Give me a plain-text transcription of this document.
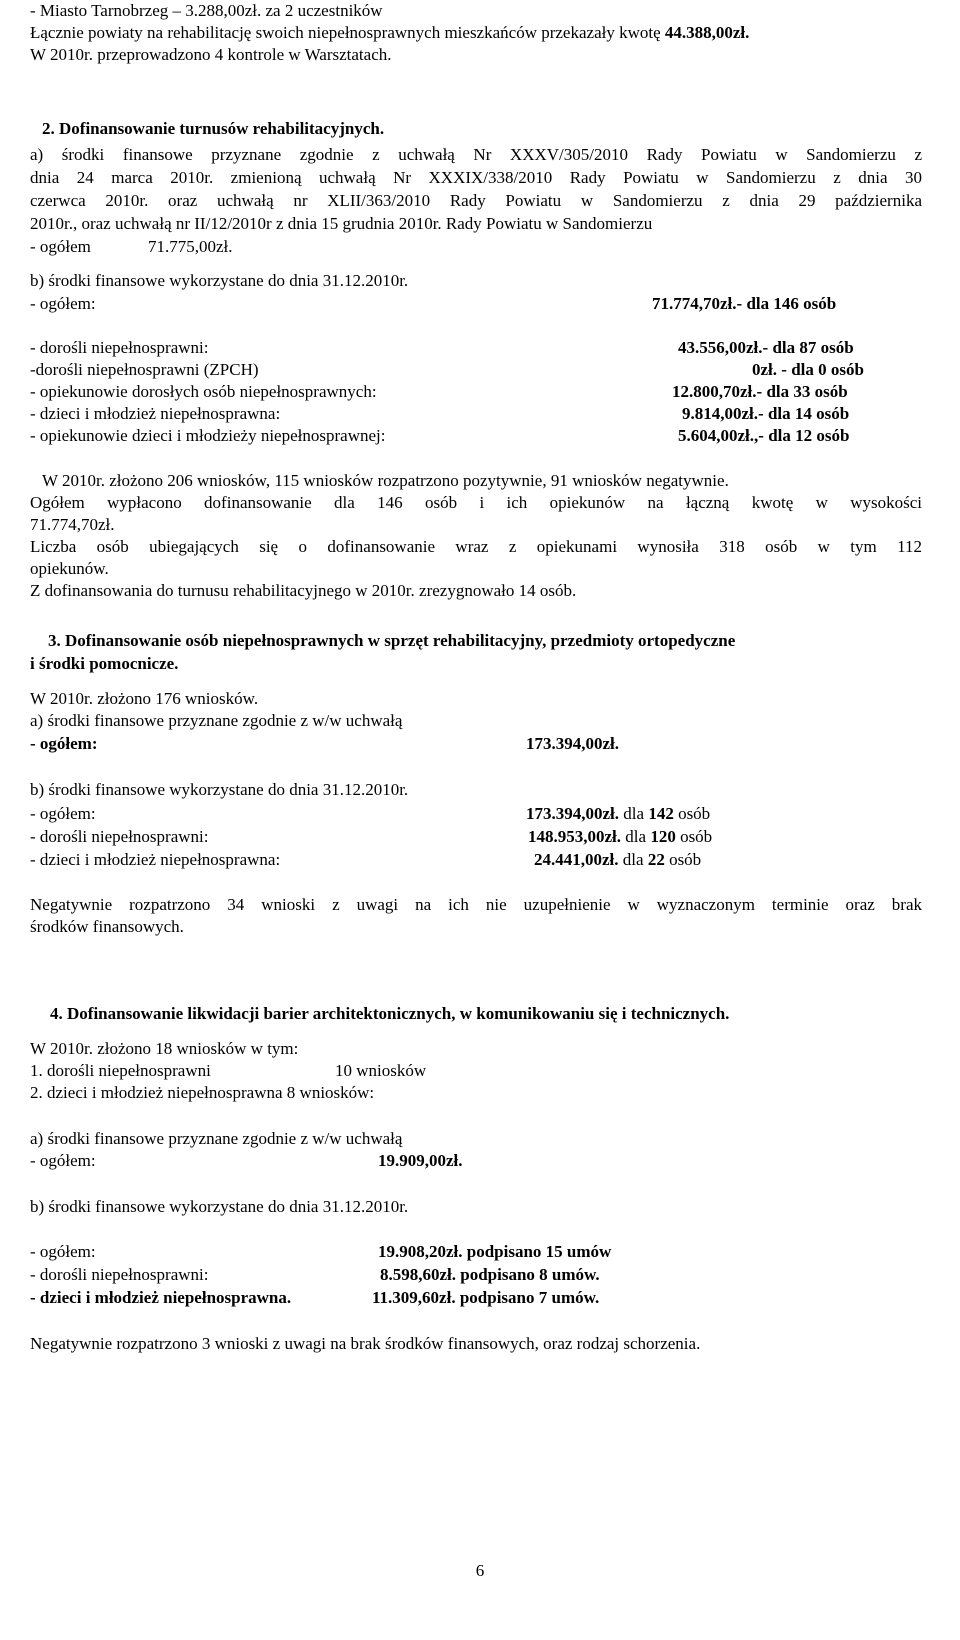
- Miasto Tarnobrzeg – 3.288,00zł. za 2 uczestników
Łącznie powiaty na rehabilitację swoich niepełnosprawnych mieszkańców przekazały kwotę 44.388,00zł.
W 2010r. przeprowadzono 4 kontrole w Warsztatach.
2. Dofinansowanie turnusów rehabilitacyjnych.
a) środki finansowe przyznane zgodnie z uchwałą Nr XXXV/305/2010 Rady Powiatu w Sandomierzu z
dnia 24 marca 2010r. zmienioną uchwałą Nr XXXIX/338/2010 Rady Powiatu w Sandomierzu z dnia 30
czerwca 2010r. oraz uchwałą nr XLII/363/2010 Rady Powiatu w Sandomierzu z dnia 29 października
2010r., oraz uchwałą nr II/12/2010r z dnia 15 grudnia 2010r. Rady Powiatu w Sandomierzu
- ogółem	71.775,00zł.
b) środki finansowe wykorzystane do dnia 31.12.2010r.
- ogółem:	71.774,70zł.- dla 146 osób
- dorośli niepełnosprawni:	43.556,00zł.- dla 87 osób
-dorośli niepełnosprawni (ZPCH)	0zł. - dla 0 osób
- opiekunowie dorosłych osób niepełnosprawnych:	12.800,70zł.- dla 33 osób
- dzieci i młodzież niepełnosprawna:	9.814,00zł.- dla 14 osób
- opiekunowie dzieci i młodzieży niepełnosprawnej:	5.604,00zł.,- dla 12 osób
W 2010r. złożono 206 wniosków, 115 wniosków rozpatrzono pozytywnie, 91 wniosków negatywnie.
Ogółem wypłacono dofinansowanie dla 146 osób i ich opiekunów na łączną kwotę w wysokości
71.774,70zł.
Liczba osób ubiegających się o dofinansowanie wraz z opiekunami wynosiła 318 osób w tym 112
opiekunów.
Z dofinansowania do turnusu rehabilitacyjnego w 2010r. zrezygnowało 14 osób.
3. Dofinansowanie osób niepełnosprawnych w sprzęt rehabilitacyjny, przedmioty ortopedyczne
i środki pomocnicze.
W 2010r. złożono 176 wniosków.
a) środki finansowe przyznane zgodnie z w/w uchwałą
- ogółem:	173.394,00zł.
b) środki finansowe wykorzystane do dnia 31.12.2010r.
- ogółem:	173.394,00zł. dla 142 osób
- dorośli niepełnosprawni:	148.953,00zł. dla 120 osób
- dzieci i młodzież niepełnosprawna:	24.441,00zł. dla 22 osób
Negatywnie rozpatrzono 34 wnioski z uwagi na ich nie uzupełnienie w wyznaczonym terminie oraz brak
środków finansowych.
4. Dofinansowanie likwidacji barier architektonicznych, w komunikowaniu się i technicznych.
W 2010r. złożono 18 wniosków w tym:
1. dorośli niepełnosprawni	10 wniosków
2. dzieci i młodzież niepełnosprawna 8 wniosków:
a) środki finansowe przyznane zgodnie z w/w uchwałą
- ogółem:	19.909,00zł.
b) środki finansowe wykorzystane do dnia 31.12.2010r.
- ogółem:	19.908,20zł. podpisano 15 umów
- dorośli niepełnosprawni:	8.598,60zł. podpisano 8 umów.
- dzieci i młodzież niepełnosprawna.	11.309,60zł. podpisano 7 umów.
Negatywnie rozpatrzono 3 wnioski z uwagi na brak środków finansowych, oraz rodzaj schorzenia.
6
